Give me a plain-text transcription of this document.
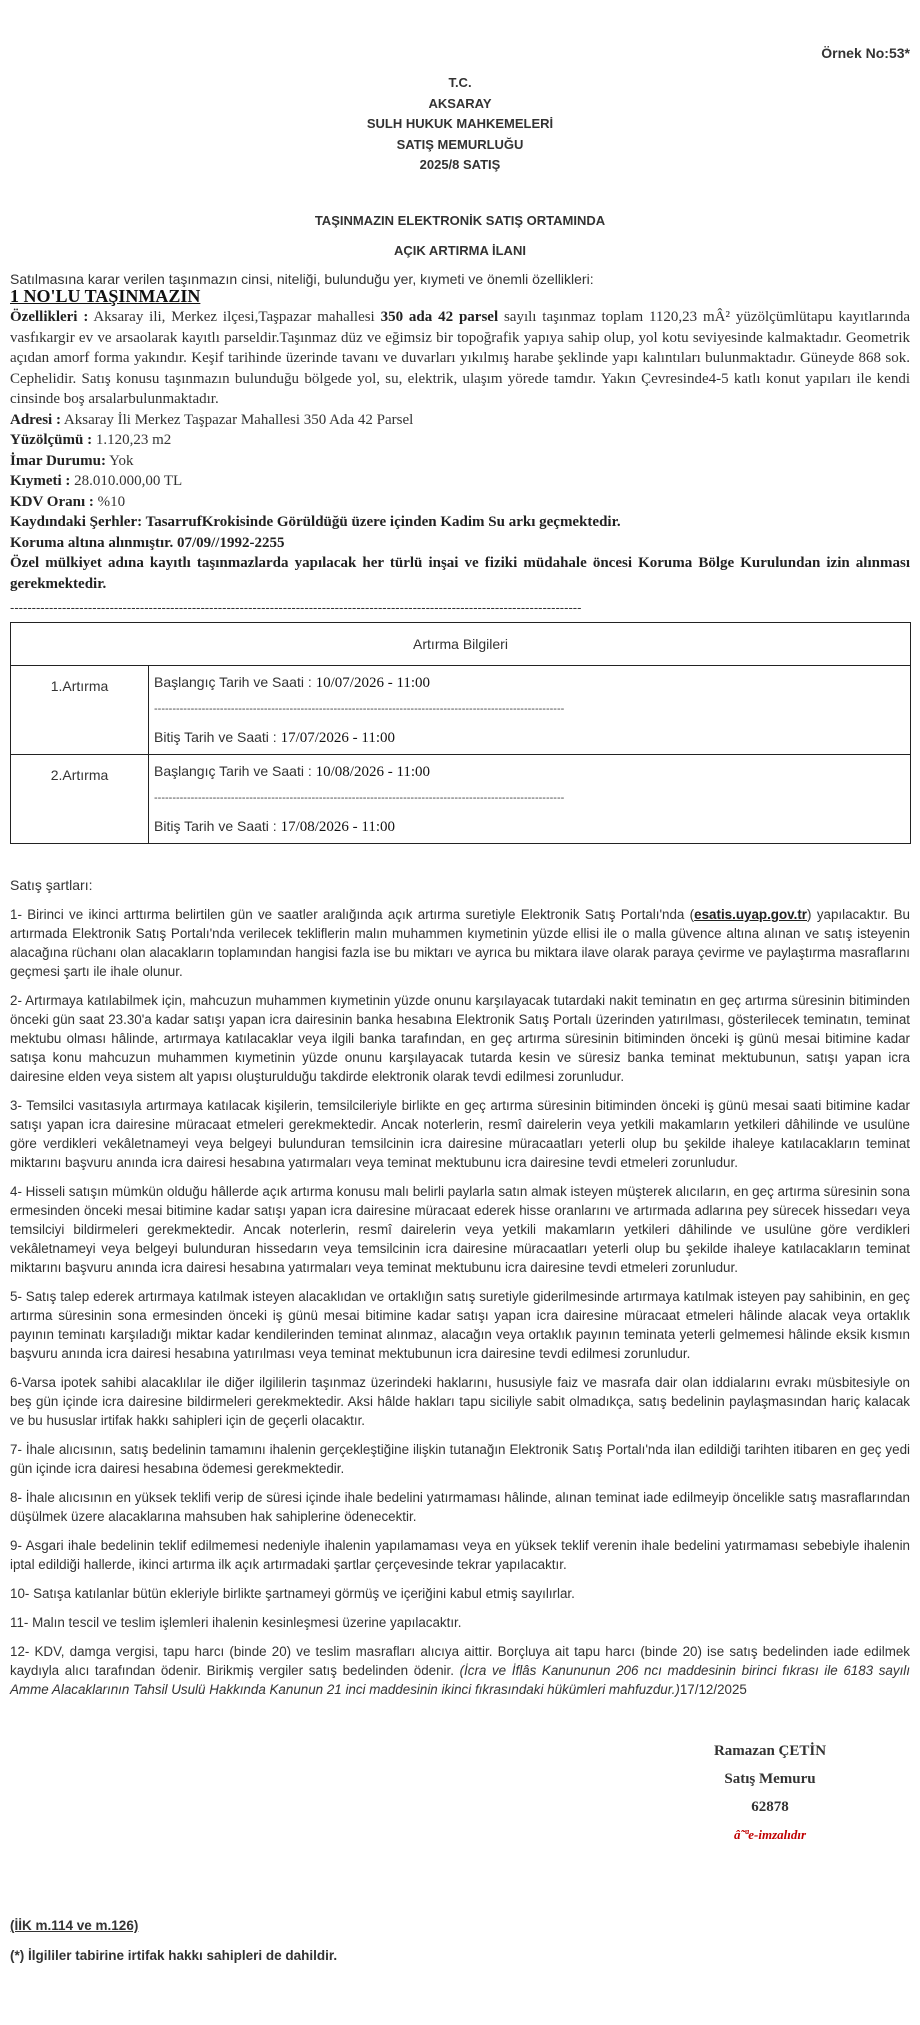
Örnek No:53*
T.C.
AKSARAY
SULH HUKUK MAHKEMELERİ
SATIŞ MEMURLUĞU
2025/8 SATIŞ
TAŞINMAZIN ELEKTRONİK SATIŞ ORTAMINDA
AÇIK ARTIRMA İLANI
Satılmasına karar verilen taşınmazın cinsi, niteliği, bulunduğu yer, kıymeti ve önemli özellikleri:
1 NO'LU TAŞINMAZIN

Özellikleri : Aksaray ili, Merkez ilçesi,Taşpazar mahallesi 350 ada 42 parsel sayılı taşınmaz toplam 1120,23 mÂ² yüzölçümlütapu kayıtlarında vasfıkargir ev ve arsaolarak kayıtlı parseldir.Taşınmaz düz ve eğimsiz bir topoğrafik yapıya sahip olup, yol kotu seviyesinde kalmaktadır. Geometrik açıdan amorf forma yakındır. Keşif tarihinde üzerinde tavanı ve duvarları yıkılmış harabe şeklinde yapı kalıntıları bulunmaktadır. Güneyde 868 sok. Cephelidir. Satış konusu taşınmazın bulunduğu bölgede yol, su, elektrik, ulaşım yörede tamdır. Yakın Çevresinde4-5 katlı konut yapıları ile kendi cinsinde boş arsalarbulunmaktadır.

Adresi : Aksaray İli Merkez Taşpazar Mahallesi 350 Ada 42 Parsel

Yüzölçümü : 1.120,23 m2

İmar Durumu: Yok

Kıymeti : 28.010.000,00 TL

KDV Oranı : %10

Kaydındaki Şerhler: TasarrufKrokisinde Görüldüğü üzere içinden Kadim Su arkı geçmektedir.

Koruma altına alınmıştır. 07/09//1992-2255

Özel mülkiyet adına kayıtlı taşınmazlarda yapılacak her türlü inşai ve fiziki müdahale öncesi Koruma Bölge Kurulundan izin alınması gerekmektedir.

------------------------------------------------------------------------------------------------------------------------------------
Artırma Bilgileri	
1.Artırma	Başlangıç Tarih ve Saati : 10/07/2026 - 11:00
----------------------------------------------------------------------------------------------------------------
Bitiş Tarih ve Saati : 17/07/2026 - 11:00

2.Artırma	Başlangıç Tarih ve Saati : 10/08/2026 - 11:00
----------------------------------------------------------------------------------------------------------------
Bitiş Tarih ve Saati : 17/08/2026 - 11:00
Satış şartları:

1- Birinci ve ikinci arttırma belirtilen gün ve saatler aralığında açık artırma suretiyle Elektronik Satış Portalı'nda (esatis.uyap.gov.tr) yapılacaktır. Bu artırmada Elektronik Satış Portalı'nda verilecek tekliflerin malın muhammen kıymetinin yüzde ellisi ile o malla güvence altına alınan ve satış isteyenin alacağına rüchanı olan alacakların toplamından hangisi fazla ise bu miktarı ve ayrıca bu miktara ilave olarak paraya çevirme ve paylaştırma masraflarını geçmesi şartı ile ihale olunur.

2- Artırmaya katılabilmek için, mahcuzun muhammen kıymetinin yüzde onunu karşılayacak tutardaki nakit teminatın en geç artırma süresinin bitiminden önceki gün saat 23.30'a kadar satışı yapan icra dairesinin banka hesabına Elektronik Satış Portalı üzerinden yatırılması, gösterilecek teminatın, teminat mektubu olması hâlinde, artırmaya katılacaklar veya ilgili banka tarafından, en geç artırma süresinin bitiminden önceki iş günü mesai bitimine kadar satışa konu mahcuzun muhammen kıymetinin yüzde onunu karşılayacak tutarda kesin ve süresiz banka teminat mektubunun, satışı yapan icra dairesine elden veya sistem alt yapısı oluşturulduğu takdirde elektronik olarak tevdi edilmesi zorunludur.

3- Temsilci vasıtasıyla artırmaya katılacak kişilerin, temsilcileriyle birlikte en geç artırma süresinin bitiminden önceki iş günü mesai saati bitimine kadar satışı yapan icra dairesine müracaat etmeleri gerekmektedir. Ancak noterlerin, resmî dairelerin veya yetkili makamların yetkileri dâhilinde ve usulüne göre verdikleri vekâletnameyi veya belgeyi bulunduran temsilcinin icra dairesine müracaatları yeterli olup bu şekilde ihaleye katılacakların teminat miktarını başvuru anında icra dairesi hesabına yatırmaları veya teminat mektubunu icra dairesine tevdi etmeleri zorunludur.

4- Hisseli satışın mümkün olduğu hâllerde açık artırma konusu malı belirli paylarla satın almak isteyen müşterek alıcıların, en geç artırma süresinin sona ermesinden önceki mesai bitimine kadar satışı yapan icra dairesine müracaat ederek hisse oranlarını ve artırmada adlarına pey sürecek hissedarı veya temsilciyi bildirmeleri gerekmektedir. Ancak noterlerin, resmî dairelerin veya yetkili makamların yetkileri dâhilinde ve usulüne göre verdikleri vekâletnameyi veya belgeyi bulunduran hissedarın veya temsilcinin icra dairesine müracaatları yeterli olup bu şekilde ihaleye katılacakların teminat miktarını başvuru anında icra dairesi hesabına yatırmaları veya teminat mektubunu icra dairesine tevdi etmeleri zorunludur.

5- Satış talep ederek artırmaya katılmak isteyen alacaklıdan ve ortaklığın satış suretiyle giderilmesinde artırmaya katılmak isteyen pay sahibinin, en geç artırma süresinin sona ermesinden önceki iş günü mesai bitimine kadar satışı yapan icra dairesine müracaat etmeleri hâlinde alacak veya ortaklık payının teminatı karşıladığı miktar kadar kendilerinden teminat alınmaz, alacağın veya ortaklık payının teminata yeterli gelmemesi hâlinde eksik kısmın başvuru anında icra dairesi hesabına yatırılması veya teminat mektubunun icra dairesine tevdi edilmesi zorunludur.

6-Varsa ipotek sahibi alacaklılar ile diğer ilgililerin taşınmaz üzerindeki haklarını, hususiyle faiz ve masrafa dair olan iddialarını evrakı müsbitesiyle on beş gün içinde icra dairesine bildirmeleri gerekmektedir. Aksi hâlde hakları tapu siciliyle sabit olmadıkça, satış bedelinin paylaşmasından hariç kalacak ve bu hususlar irtifak hakkı sahipleri için de geçerli olacaktır.

7- İhale alıcısının, satış bedelinin tamamını ihalenin gerçekleştiğine ilişkin tutanağın Elektronik Satış Portalı'nda ilan edildiği tarihten itibaren en geç yedi gün içinde icra dairesi hesabına ödemesi gerekmektedir.

8- İhale alıcısının en yüksek teklifi verip de süresi içinde ihale bedelini yatırmaması hâlinde, alınan teminat iade edilmeyip öncelikle satış masraflarından düşülmek üzere alacaklarına mahsuben hak sahiplerine ödenecektir.

9- Asgari ihale bedelinin teklif edilmemesi nedeniyle ihalenin yapılamaması veya en yüksek teklif verenin ihale bedelini yatırmaması sebebiyle ihalenin iptal edildiği hallerde, ikinci artırma ilk açık artırmadaki şartlar çerçevesinde tekrar yapılacaktır.

10- Satışa katılanlar bütün ekleriyle birlikte şartnameyi görmüş ve içeriğini kabul etmiş sayılırlar.

11- Malın tescil ve teslim işlemleri ihalenin kesinleşmesi üzerine yapılacaktır.

12- KDV, damga vergisi, tapu harcı (binde 20) ve teslim masrafları alıcıya aittir. Borçluya ait tapu harcı (binde 20) ise satış bedelinden iade edilmek kaydıyla alıcı tarafından ödenir. Birikmiş vergiler satış bedelinden ödenir. (İcra ve İflâs Kanununun 206 ncı maddesinin birinci fıkrası ile 6183 sayılı Amme Alacaklarının Tahsil Usulü Hakkında Kanunun 21 inci maddesinin ikinci fıkrasındaki hükümleri mahfuzdur.)17/12/2025

Ramazan ÇETİN
Satış Memuru
62878
â˜ªe-imzalıdır
(İİK m.114 ve m.126)
(*) İlgililer tabirine irtifak hakkı sahipleri de dahildir.
